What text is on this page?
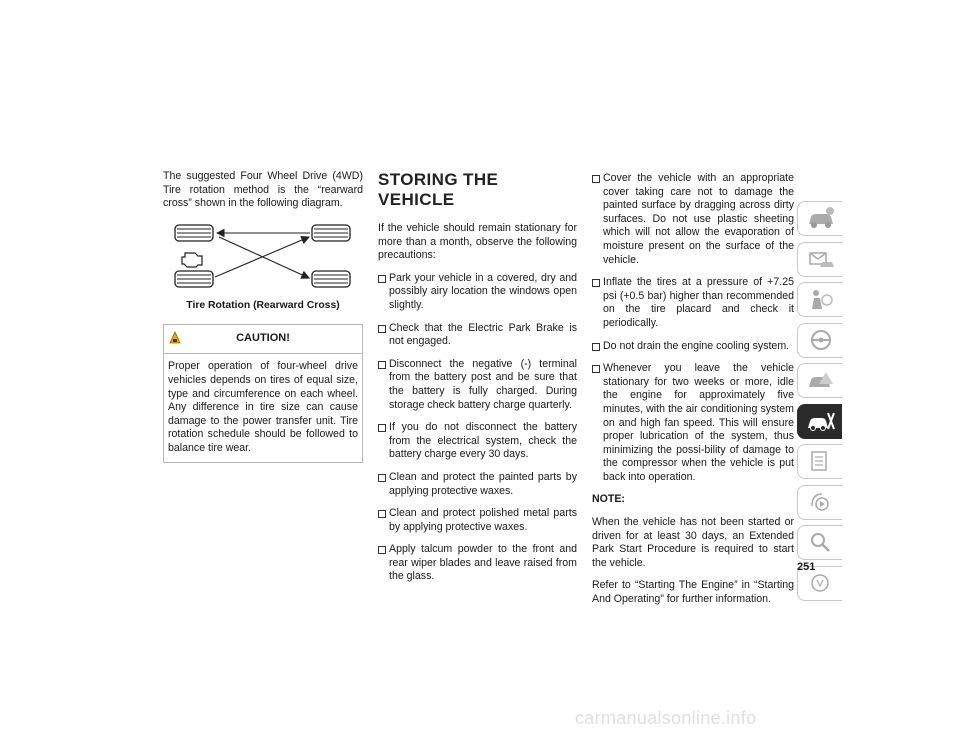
The suggested Four Wheel Drive (4WD) Tire rotation method is the “rearward cross” shown in the following diagram.

Tire Rotation (Rearward Cross)
CAUTION!
Proper operation of four-wheel drive vehicles depends on tires of equal size, type and circumference on each wheel. Any difference in tire size can cause damage to the power transfer unit. Tire rotation schedule should be followed to balance tire wear.
STORING THE VEHICLE

If the vehicle should remain stationary for more than a month, observe the following precautions:

Park your vehicle in a covered, dry and possibly airy location the windows open slightly.
Check that the Electric Park Brake is not engaged.
Disconnect the negative (-) terminal from the battery post and be sure that the battery is fully charged. During storage check battery charge quarterly.
If you do not disconnect the battery from the electrical system, check the battery charge every 30 days.
Clean and protect the painted parts by applying protective waxes.
Clean and protect polished metal parts by applying protective waxes.
Apply talcum powder to the front and rear wiper blades and leave raised from the glass.
Cover the vehicle with an appropriate cover taking care not to damage the painted surface by dragging across dirty surfaces. Do not use plastic sheeting which will not allow the evaporation of moisture present on the surface of the vehicle.
Inflate the tires at a pressure of +7.25 psi (+0.5 bar) higher than recommended on the tire placard and check it periodically.
Do not drain the engine cooling system.
Whenever you leave the vehicle stationary for two weeks or more, idle the engine for approximately five minutes, with the air conditioning system on and high fan speed. This will ensure proper lubrication of the system, thus minimizing the possi-bility of damage to the compressor when the vehicle is put back into operation.

NOTE:

When the vehicle has not been started or driven for at least 30 days, an Extended Park Start Procedure is required to start the vehicle.

Refer to “Starting The Engine” in “Starting And Operating” for further information.

251
carmanualsonline.info
